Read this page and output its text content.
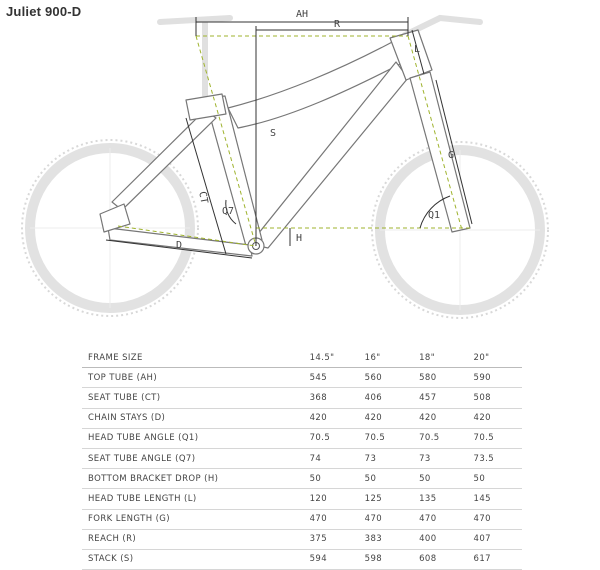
Juliet 900-D	AH
R
L
S
G
CT
Q7	Q1
H
D
FRAME SIZE	14.5"	16"	18"	20"
TOP TUBE (AH)	545	560	580	590
SEAT TUBE (CT)	368	406	457	508
CHAIN STAYS (D)	420	420	420	420
HEAD TUBE ANGLE (Q1)	70.5	70.5	70.5	70.5
SEAT TUBE ANGLE (Q7)	74	73	73	73.5
BOTTOM BRACKET DROP (H)	50	50	50	50
HEAD TUBE LENGTH (L)	120	125	135	145
FORK LENGTH (G)	470	470	470	470
REACH (R)	375	383	400	407
STACK (S)	594	598	608	617
